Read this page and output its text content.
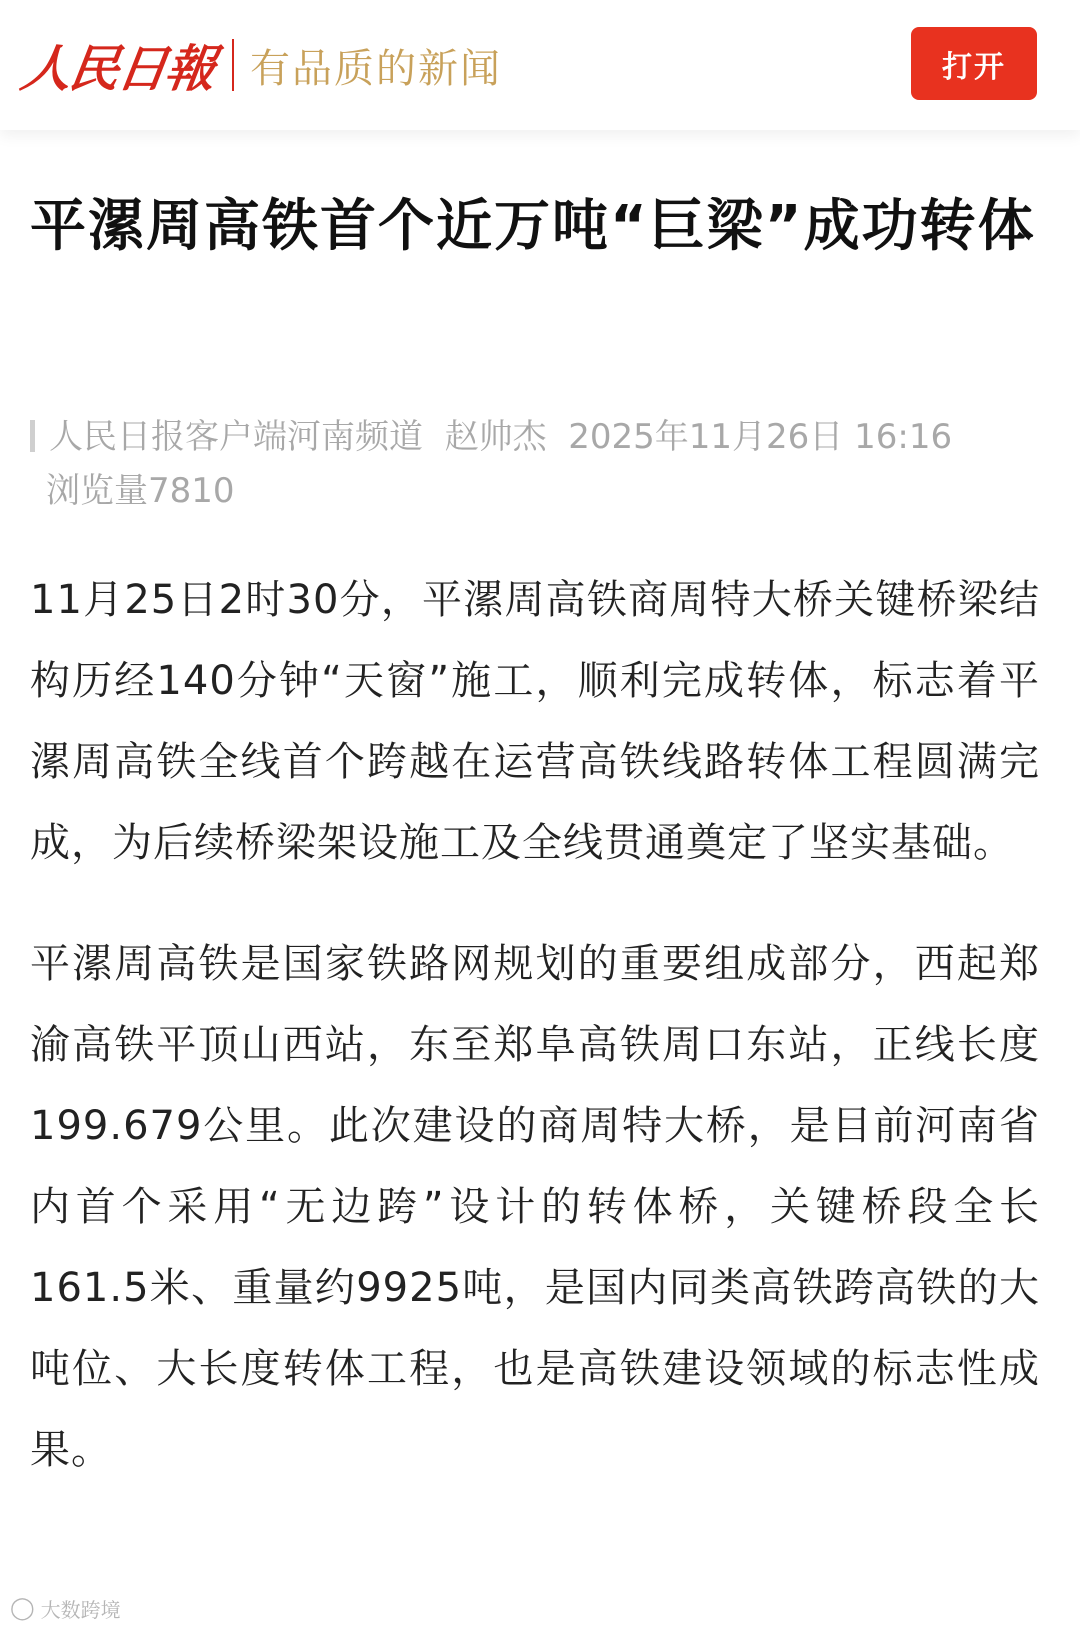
人民日報 有品质的新闻	打开
平漯周高铁首个近万吨“巨梁”成功转体
人民日报客户端河南频道 赵帅杰 2025年11月26日 16:16
浏览量7810

11月25日2时30分，平漯周高铁商周特大桥关键桥梁结构历经140分钟“天窗”施工，顺利完成转体，标志着平漯周高铁全线首个跨越在运营高铁线路转体工程圆满完成，为后续桥梁架设施工及全线贯通奠定了坚实基础。

平漯周高铁是国家铁路网规划的重要组成部分，西起郑渝高铁平顶山西站，东至郑阜高铁周口东站，正线长度199.679公里。此次建设的商周特大桥，是目前河南省内首个采用“无边跨”设计的转体桥，关键桥段全长161.5米、重量约9925吨，是国内同类高铁跨高铁的大吨位、大长度转体工程，也是高铁建设领域的标志性成果。

◯ 大数跨境
